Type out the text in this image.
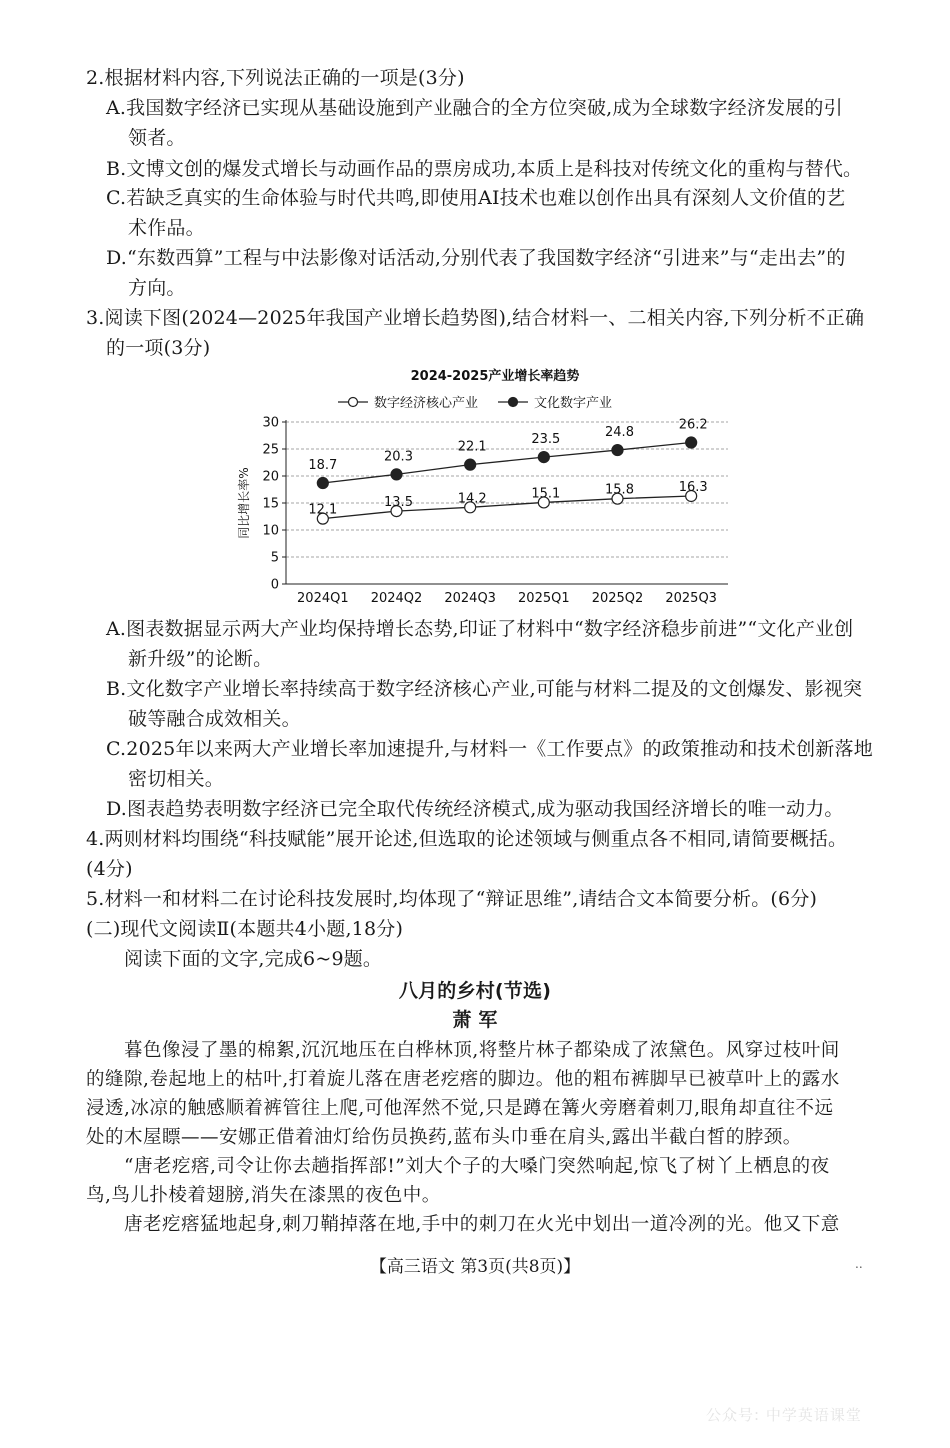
2.根据材料内容,下列说法正确的一项是(3分)
A.我国数字经济已实现从基础设施到产业融合的全方位突破,成为全球数字经济发展的引
领者。
B.文博文创的爆发式增长与动画作品的票房成功,本质上是科技对传统文化的重构与替代。
C.若缺乏真实的生命体验与时代共鸣,即使用AI技术也难以创作出具有深刻人文价值的艺
术作品。
D.“东数西算”工程与中法影像对话活动,分别代表了我国数字经济“引进来”与“走出去”的
方向。
3.阅读下图(2024—2025年我国产业增长趋势图),结合材料一、二相关内容,下列分析不正确
的一项(3分)
2024-2025产业增长率趋势
数字经济核心产业	文化数字产业
0
5
10
15
20
25
30
同比增长率%
2024Q1 2024Q2 2024Q3 2025Q1 2025Q2 2025Q3
12.1
13.5	14.2	15.1	15.8	16.3
18.7
20.3
22.1
23.5	24.8
26.2
A.图表数据显示两大产业均保持增长态势,印证了材料中“数字经济稳步前进”“文化产业创
新升级”的论断。
B.文化数字产业增长率持续高于数字经济核心产业,可能与材料二提及的文创爆发、影视突
破等融合成效相关。
C.2025年以来两大产业增长率加速提升,与材料一《工作要点》的政策推动和技术创新落地
密切相关。
D.图表趋势表明数字经济已完全取代传统经济模式,成为驱动我国经济增长的唯一动力。
4.两则材料均围绕“科技赋能”展开论述,但选取的论述领域与侧重点各不相同,请简要概括。
(4分)
5.材料一和材料二在讨论科技发展时,均体现了“辩证思维”,请结合文本简要分析。(6分)
(二)现代文阅读Ⅱ(本题共4小题,18分)
阅读下面的文字,完成6~9题。
八月的乡村(节选)
萧 军
暮色像浸了墨的棉絮,沉沉地压在白桦林顶,将整片林子都染成了浓黛色。风穿过枝叶间
的缝隙,卷起地上的枯叶,打着旋儿落在唐老疙瘩的脚边。他的粗布裤脚早已被草叶上的露水
浸透,冰凉的触感顺着裤管往上爬,可他浑然不觉,只是蹲在篝火旁磨着刺刀,眼角却直往不远
处的木屋瞟——安娜正借着油灯给伤员换药,蓝布头巾垂在肩头,露出半截白皙的脖颈。
“唐老疙瘩,司令让你去趟指挥部!”刘大个子的大嗓门突然响起,惊飞了树丫上栖息的夜
鸟,鸟儿扑棱着翅膀,消失在漆黑的夜色中。
唐老疙瘩猛地起身,刺刀鞘掉落在地,手中的刺刀在火光中划出一道冷冽的光。他又下意
【高三语文 第3页(共8页)】	..
公众号: 中学英语课堂
